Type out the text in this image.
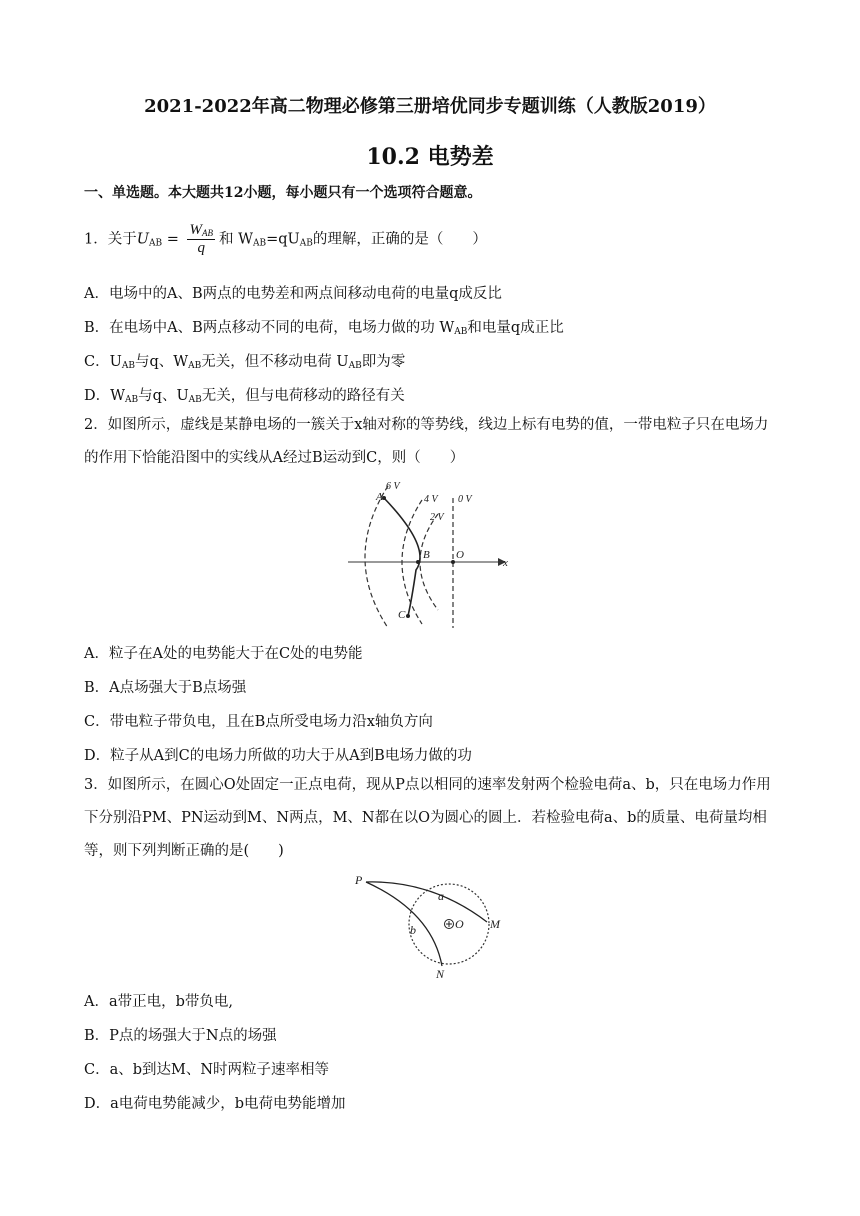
2021-2022年高二物理必修第三册培优同步专题训练（人教版2019）
10.2 电势差
一、单选题。本大题共12小题，每小题只有一个选项符合题意。
1．关于$U_{AB} = \frac{W_{AB}}{q}$ 和 $W_{AB}=qU_{AB}$的理解，正确的是（　　）
A．电场中的A、B两点的电势差和两点间移动电荷的电量q成反比
B．在电场中A、B两点移动不同的电荷，电场力做的功 $W_{AB}$和电量q成正比
C．$U_{AB}$与q、$W_{AB}$无关，但不移动电荷 $U_{AB}$即为零
D．$W_{AB}$与q、$U_{AB}$无关，但与电荷移动的路径有关
2．如图所示，虚线是某静电场的一簇关于x轴对称的等势线，线边上标有电势的值，一带电粒子只在电场力的作用下恰能沿图中的实线从A经过B运动到C，则（　　）
x
6 V
4 V
2 V
0 V
A
B
C
O
A．粒子在A处的电势能大于在C处的电势能
B．A点场强大于B点场强
C．带电粒子带负电，且在B点所受电场力沿x轴负方向
D．粒子从A到C的电场力所做的功大于从A到B电场力做的功
3．如图所示，在圆心O处固定一正点电荷，现从P点以相同的速率发射两个检验电荷a、b，只在电场力作用下分别沿PM、PN运动到M、N两点，M、N都在以O为圆心的圆上．若检验电荷a、b的质量、电荷量均相等，则下列判断正确的是(　　)
P
a
b	O M
N
A．a带正电，b带负电,
B．P点的场强大于N点的场强
C．a、b到达M、N时两粒子速率相等
D．a电荷电势能减少，b电荷电势能增加
